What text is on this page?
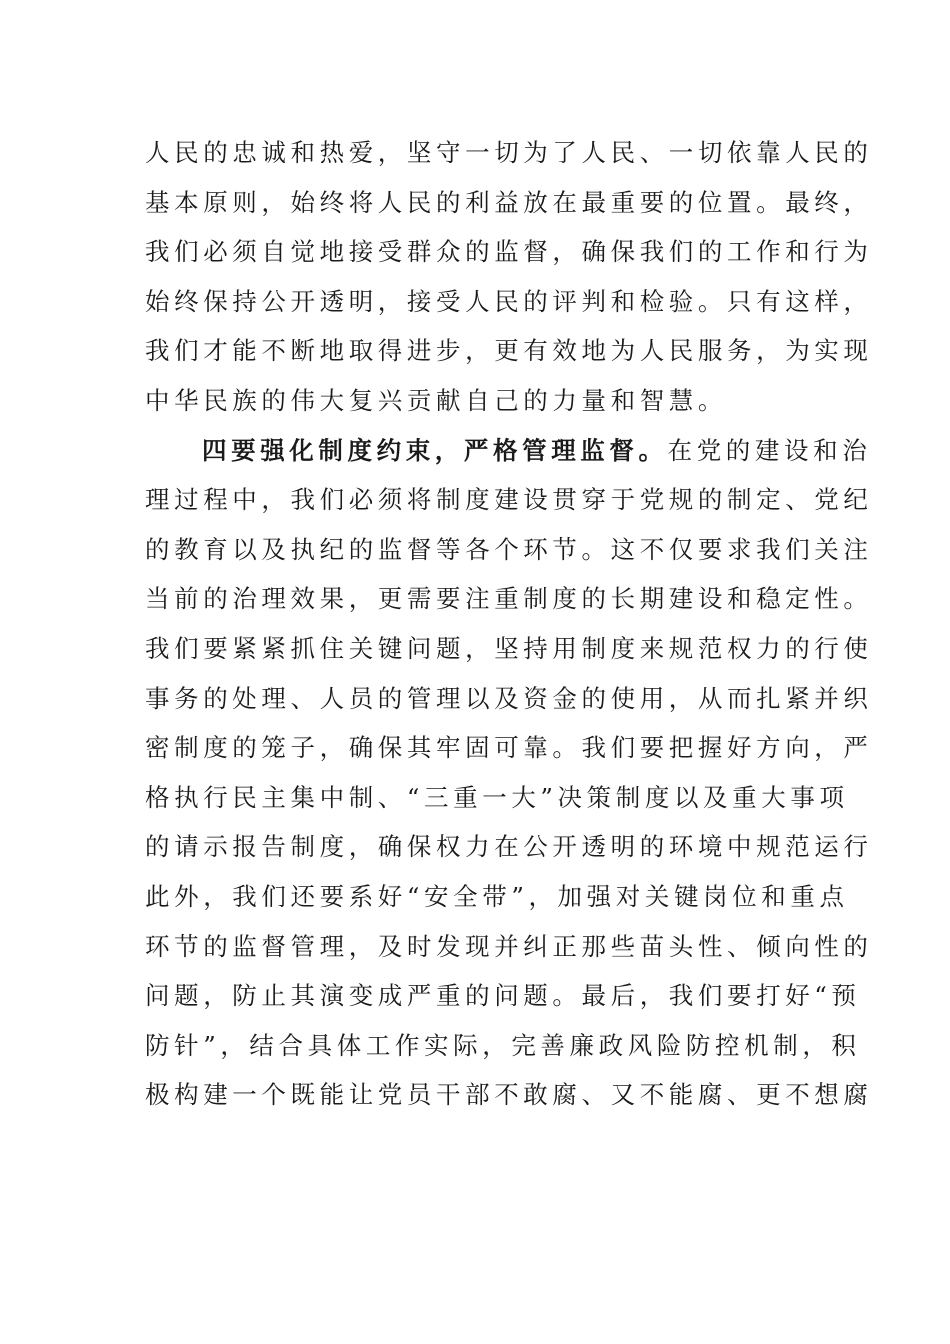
人民的忠诚和热爱，坚守一切为了人民、一切依靠人民的
基本原则，始终将人民的利益放在最重要的位置。最终，
我们必须自觉地接受群众的监督，确保我们的工作和行为
始终保持公开透明，接受人民的评判和检验。只有这样，
我们才能不断地取得进步，更有效地为人民服务，为实现
中华民族的伟大复兴贡献自己的力量和智慧。
四要强化制度约束，严格管理监督。在党的建设和治
理过程中，我们必须将制度建设贯穿于党规的制定、党纪
的教育以及执纪的监督等各个环节。这不仅要求我们关注
当前的治理效果，更需要注重制度的长期建设和稳定性。
我们要紧紧抓住关键问题，坚持用制度来规范权力的行使
事务的处理、人员的管理以及资金的使用，从而扎紧并织
密制度的笼子，确保其牢固可靠。我们要把握好方向，严
格执行民主集中制、“三重一大”决策制度以及重大事项
的请示报告制度，确保权力在公开透明的环境中规范运行
此外，我们还要系好“安全带”，加强对关键岗位和重点
环节的监督管理，及时发现并纠正那些苗头性、倾向性的
问题，防止其演变成严重的问题。最后，我们要打好“预
防针”，结合具体工作实际，完善廉政风险防控机制，积
极构建一个既能让党员干部不敢腐、又不能腐、更不想腐
